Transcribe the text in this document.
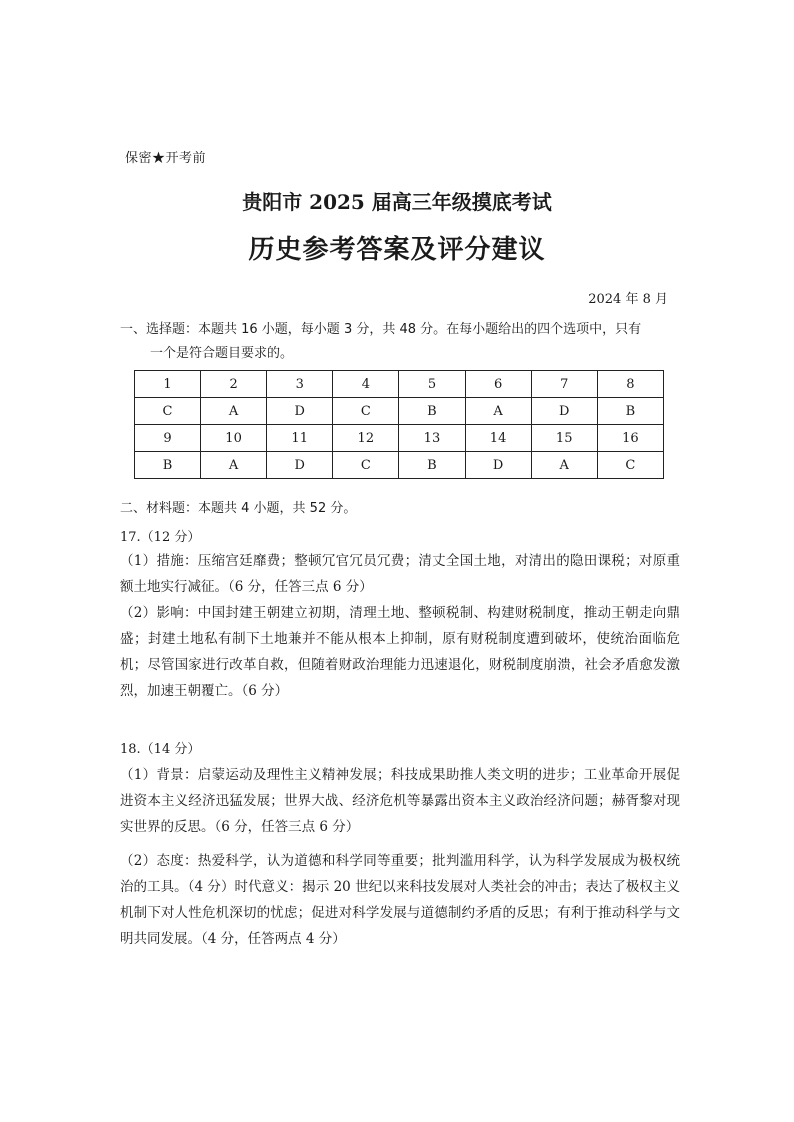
保密★开考前
贵阳市 2025 届高三年级摸底考试
历史参考答案及评分建议
2024 年 8 月
一、选择题：本题共 16 小题，每小题 3 分，共 48 分。在每小题给出的四个选项中，只有
一个是符合题目要求的。
1	2	3	4	5	6	7	8
C	A	D	C	B	A	D	B
9	10	11	12	13	14	15	16
B	A	D	C	B	D	A	C
二、材料题：本题共 4 小题，共 52 分。
17.（12 分）
（1）措施：压缩宫廷靡费；整顿冗官冗员冗费；清丈全国土地，对清出的隐田课税；对原重额土地实行减征。（6 分，任答三点 6 分）
（2）影响：中国封建王朝建立初期，清理土地、整顿税制、构建财税制度，推动王朝走向鼎盛；封建土地私有制下土地兼并不能从根本上抑制，原有财税制度遭到破坏，使统治面临危机；尽管国家进行改革自救，但随着财政治理能力迅速退化，财税制度崩溃，社会矛盾愈发激烈，加速王朝覆亡。（6 分）
18.（14 分）
（1）背景：启蒙运动及理性主义精神发展；科技成果助推人类文明的进步；工业革命开展促进资本主义经济迅猛发展；世界大战、经济危机等暴露出资本主义政治经济问题；赫胥黎对现实世界的反思。（6 分，任答三点 6 分）
（2）态度：热爱科学，认为道德和科学同等重要；批判滥用科学，认为科学发展成为极权统治的工具。（4 分）时代意义：揭示 20 世纪以来科技发展对人类社会的冲击；表达了极权主义机制下对人性危机深切的忧虑；促进对科学发展与道德制约矛盾的反思；有利于推动科学与文明共同发展。（4 分，任答两点 4 分）
